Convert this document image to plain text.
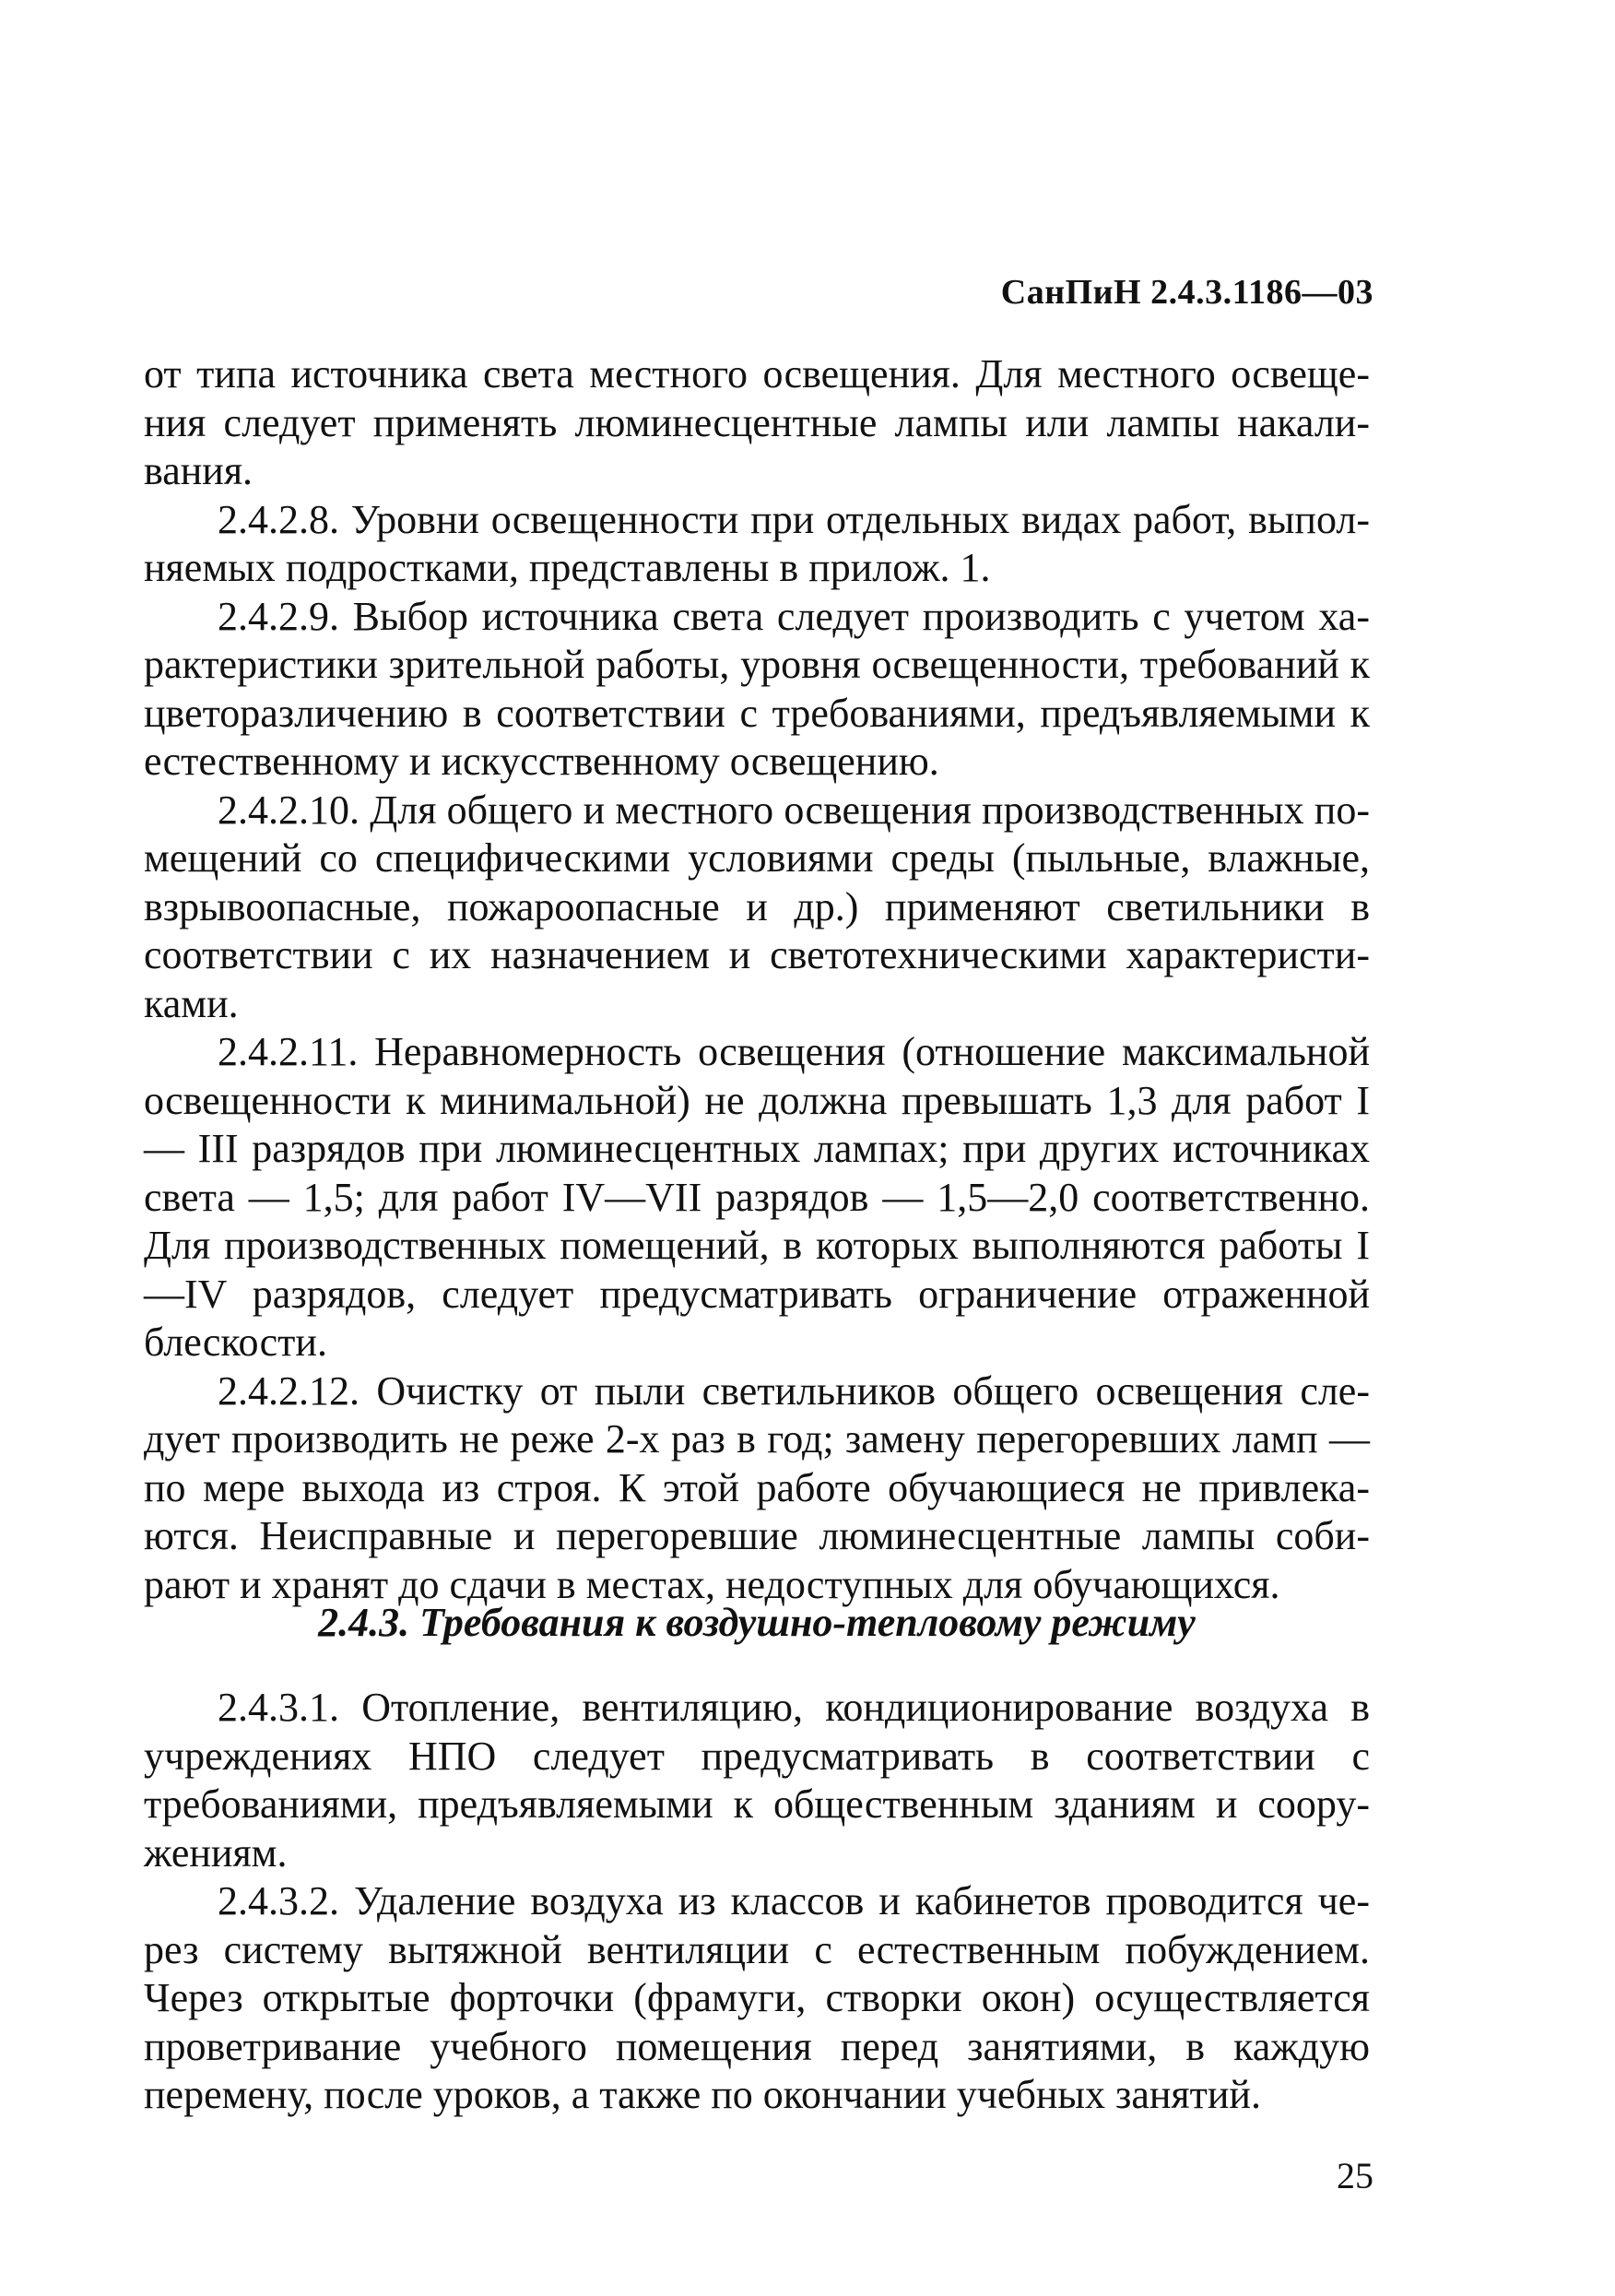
СанПиН 2.4.3.1186—03

от типа источника света местного освещения. Для местного освещения следует применять люминесцентные лампы или лампы накаливания.

2.4.2.8. Уровни освещенности при отдельных видах работ, выполняемых подростками, представлены в прилож. 1.

2.4.2.9. Выбор источника света следует производить с учетом характеристики зрительной работы, уровня освещенности, требований к цветоразличению в соответствии с требованиями, предъявляемыми к естественному и искусственному освещению.

2.4.2.10. Для общего и местного освещения производственных помещений со специфическими условиями среды (пыльные, влажные, взрывоопасные, пожароопасные и др.) применяют светильники в соответствии с их назначением и светотехническими характеристиками.

2.4.2.11. Неравномерность освещения (отношение максимальной освещенности к минимальной) не должна превышать 1,3 для работ I — III разрядов при люминесцентных лампах; при других источниках света — 1,5; для работ IV—VII разрядов — 1,5—2,0 соответственно. Для производственных помещений, в которых выполняются работы I—IV разрядов, следует предусматривать ограничение отраженной блескости.

2.4.2.12. Очистку от пыли светильников общего освещения следует производить не реже 2-х раз в год; замену перегоревших ламп — по мере выхода из строя. К этой работе обучающиеся не привлекаются. Неисправные и перегоревшие люминесцентные лампы собирают и хранят до сдачи в местах, недоступных для обучающихся.

2.4.3. Требования к воздушно-тепловому режиму

2.4.3.1. Отопление, вентиляцию, кондиционирование воздуха в учреждениях НПО следует предусматривать в соответствии с требованиями, предъявляемыми к общественным зданиям и сооружениям.

2.4.3.2. Удаление воздуха из классов и кабинетов проводится через систему вытяжной вентиляции с естественным побуждением. Через открытые форточки (фрамуги, створки окон) осуществляется проветривание учебного помещения перед занятиями, в каждую перемену, после уроков, а также по окончании учебных занятий.

25
